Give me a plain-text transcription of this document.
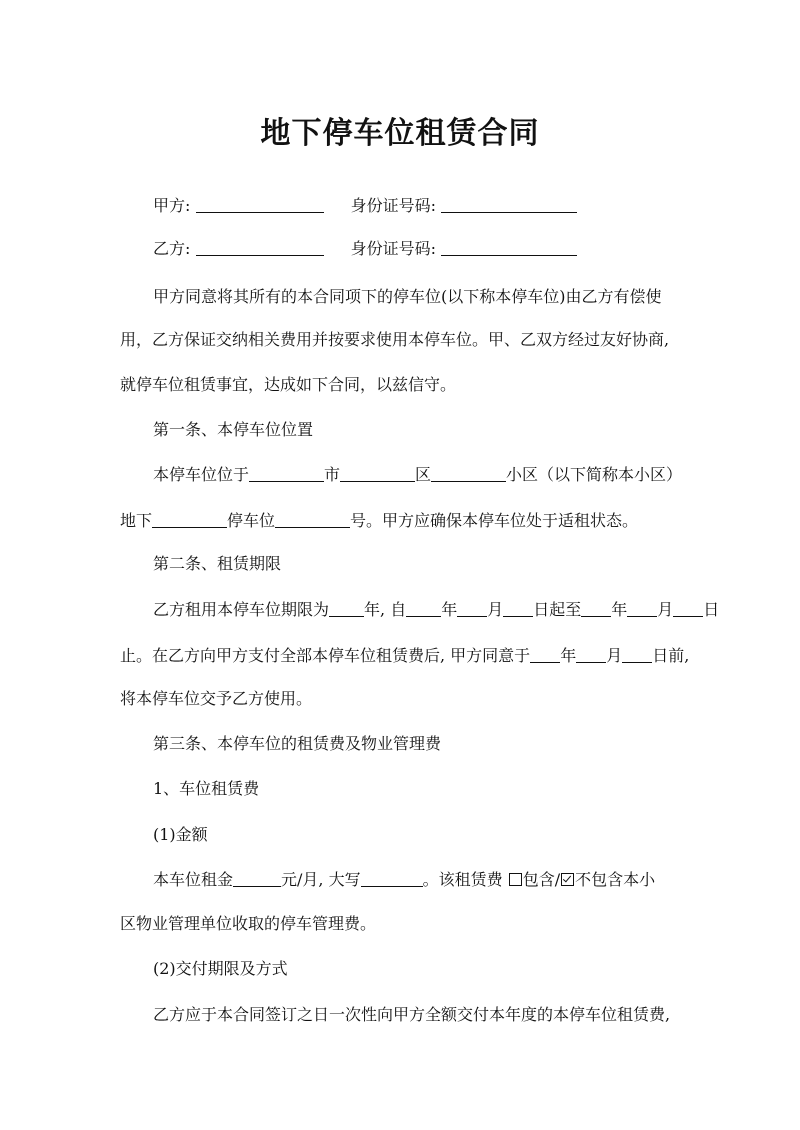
地下停车位租赁合同
甲方:	身份证号码:
乙方:	身份证号码:
甲方同意将其所有的本合同项下的停车位(以下称本停车位)由乙方有偿使
用，乙方保证交纳相关费用并按要求使用本停车位。甲、乙双方经过友好协商,
就停车位租赁事宜，达成如下合同，以兹信守。
第一条、本停车位位置
本停车位位于	市	区	小区（以下简称本小区）
地下	停车位	号。甲方应确保本停车位处于适租状态。
第二条、租赁期限
乙方租用本停车位期限为 年, 自 年 月 日起至 年 月 日
止。在乙方向甲方支付全部本停车位租赁费后, 甲方同意于 年 月 日前,
将本停车位交予乙方使用。
第三条、本停车位的租赁费及物业管理费
1、车位租赁费
(1)金额
本车位租金	元/月, 大写	。该租赁费 包含/ 不包含本小
区物业管理单位收取的停车管理费。
(2)交付期限及方式
乙方应于本合同签订之日一次性向甲方全额交付本年度的本停车位租赁费,
